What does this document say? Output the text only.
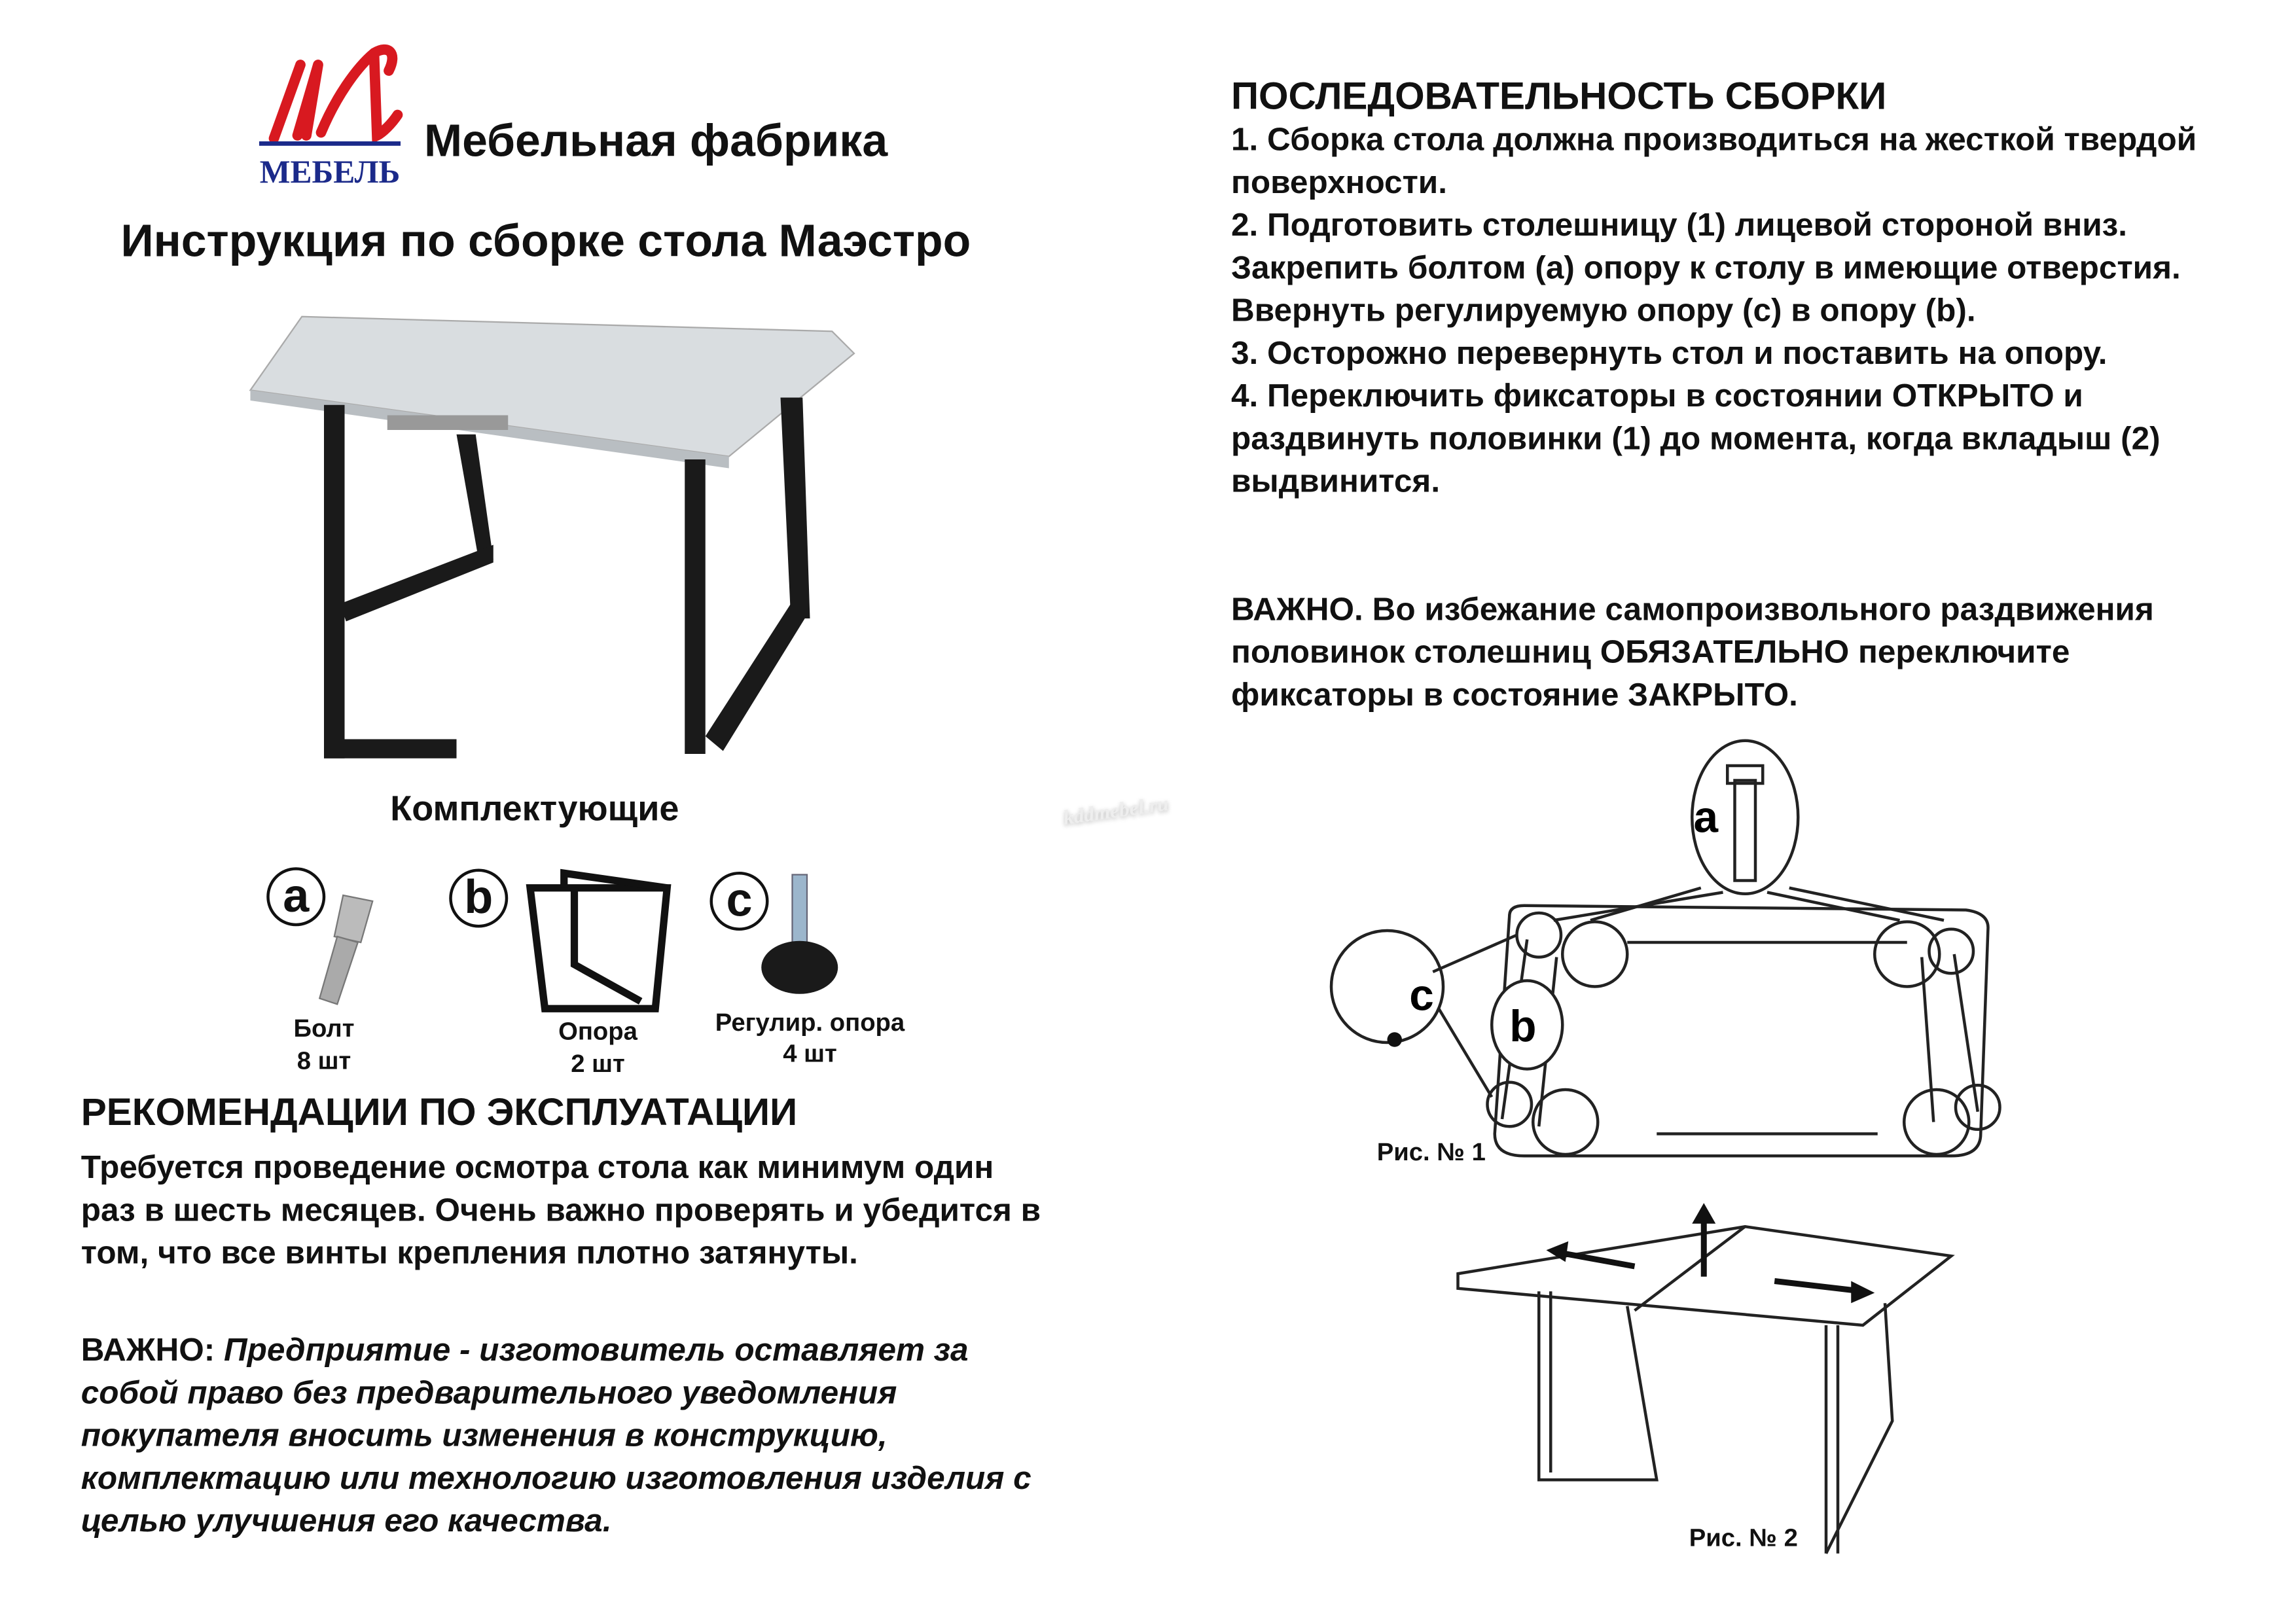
МЕБЕЛЬ
Мебельная фабрика
Инструкция по сборке стола Маэстро
Комплектующие
a
Болт
8 шт
b
Опора
2 шт
c
Регулир. опора
4 шт
kddmebel.ru
РЕКОМЕНДАЦИИ ПО ЭКСПЛУАТАЦИИ
Требуется проведение осмотра стола как минимум один раз в шесть месяцев. Очень важно проверять и убедится в том, что все винты крепления плотно затянуты.
ВАЖНО: Предприятие - изготовитель оставляет за собой право без предварительного уведомления покупателя вносить изменения в конструкцию, комплектацию или технологию изготовления изделия с целью улучшения его качества.
ПОСЛЕДОВАТЕЛЬНОСТЬ СБОРКИ
1. Сборка стола должна производиться на жесткой твердой поверхности.
2. Подготовить столешницу (1) лицевой стороной вниз. Закрепить болтом (a) опору к столу в имеющие отверстия. Ввернуть регулируемую опору (c) в опору (b).
3. Осторожно перевернуть стол и поставить на опору.
4. Переключить фиксаторы в состоянии ОТКРЫТО и раздвинуть половинки (1) до момента, когда вкладыш (2) выдвинится.
ВАЖНО. Во избежание самопроизвольного раздвижения половинок столешниц ОБЯЗАТЕЛЬНО переключите фиксаторы в состояние ЗАКРЫТО.
a
b
c
Рис. № 1
Рис. № 2
